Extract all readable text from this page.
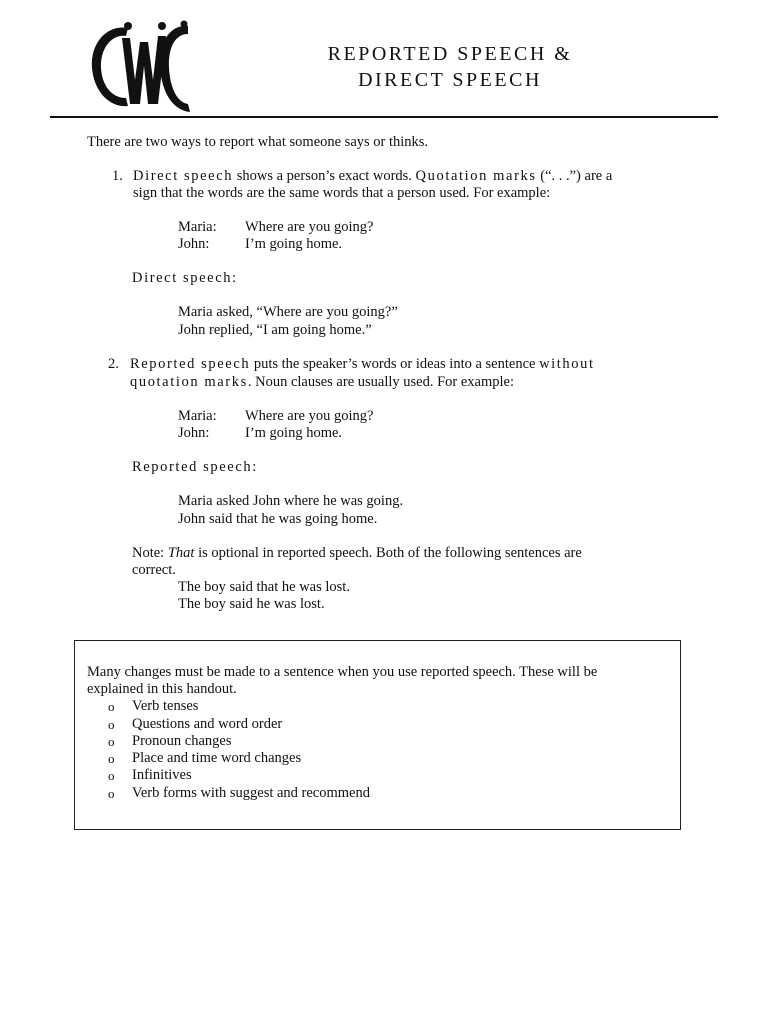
REPORTED SPEECH &
DIRECT SPEECH
There are two ways to report what someone says or thinks.
1. Direct speech shows a person’s exact words. Quotation marks (“. . .”) are a
sign that the words are the same words that a person used. For example:
Maria: Where are you going?
John: I’m going home.
Direct speech:
Maria asked, “Where are you going?”
John replied, “I am going home.”
2. Reported speech puts the speaker’s words or ideas into a sentence without
quotation marks. Noun clauses are usually used. For example:
Maria: Where are you going?
John: I’m going home.
Reported speech:
Maria asked John where he was going.
John said that he was going home.
Note: That is optional in reported speech. Both of the following sentences are
correct.
The boy said that he was lost.
The boy said he was lost.
Many changes must be made to a sentence when you use reported speech. These will be
explained in this handout.
o Verb tenses
o Questions and word order
o Pronoun changes
o Place and time word changes
o Infinitives
o Verb forms with suggest and recommend
